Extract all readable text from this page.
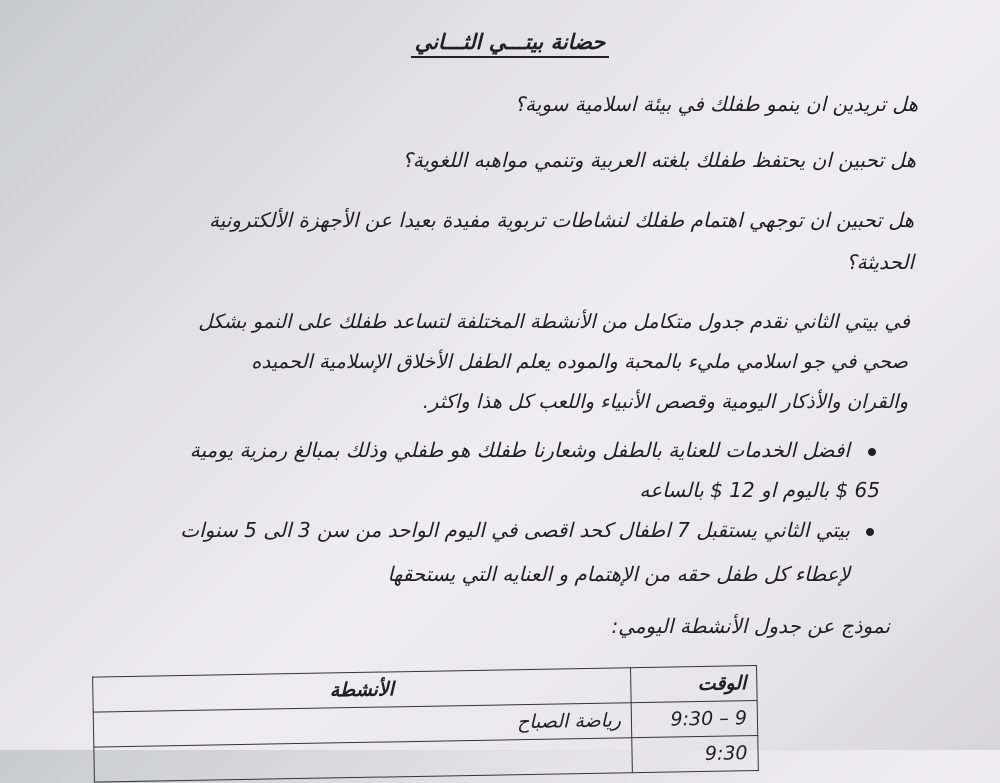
حضانة بيتـــي الثـــاني
هل تريدين ان ينمو طفلك في بيئة اسلامية سوية؟
هل تحبين ان يحتفظ طفلك بلغته العربية وتنمي مواهبه اللغوية؟
هل تحبين ان توجهي اهتمام طفلك لنشاطات تربوية مفيدة بعيدا عن الأجهزة الألكترونية
الحديثة؟
في بيتي الثاني نقدم جدول متكامل من الأنشطة المختلفة لتساعد طفلك على النمو بشكل
صحي في جو اسلامي مليء بالمحبة والموده يعلم الطفل الأخلاق الإسلامية الحميده
والقران والأذكار اليومية وقصص الأنبياء واللعب كل هذا واكثر.
افضل الخدمات للعناية بالطفل وشعارنا طفلك هو طفلي وذلك بمبالغ رمزية يومية
65 $ باليوم او 12 $ بالساعه
بيتي الثاني يستقبل 7 اطفال كحد اقصى في اليوم الواحد من سن 3 الى 5 سنوات
لإعطاء كل طفل حقه من الإهتمام و العنايه التي يستحقها
نموذج عن جدول الأنشطة اليومي:
الوقت	الأنشطة
9 – 9:30	رياضة الصباح
9:30	
